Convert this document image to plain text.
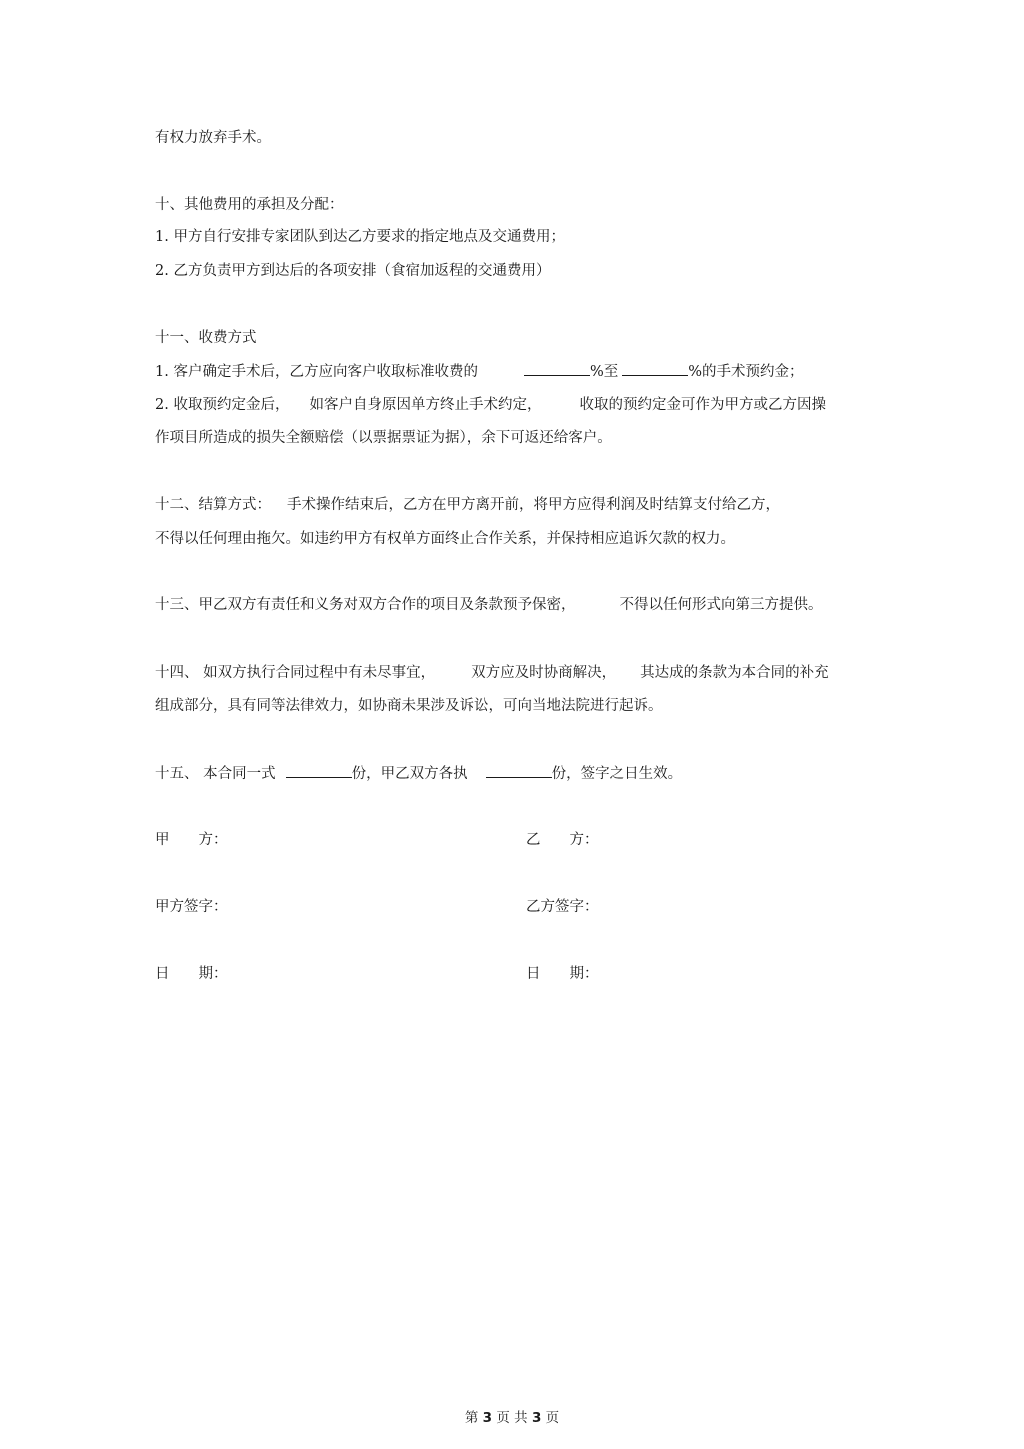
有权力放弃手术。
十、其他费用的承担及分配：
1. 甲方自行安排专家团队到达乙方要求的指定地点及交通费用；
2. 乙方负责甲方到达后的各项安排（食宿加返程的交通费用）
十一、收费方式
1. 客户确定手术后，乙方应向客户收取标准收费的	%至	%的手术预约金；
2. 收取预约定金后， 如客户自身原因单方终止手术约定，	收取的预约定金可作为甲方或乙方因操
作项目所造成的损失全额赔偿（以票据票证为据），余下可返还给客户。
十二、结算方式： 手术操作结束后，乙方在甲方离开前，将甲方应得利润及时结算支付给乙方，
不得以任何理由拖欠。如违约甲方有权单方面终止合作关系，并保持相应追诉欠款的权力。
十三、甲乙双方有责任和义务对双方合作的项目及条款预予保密，	不得以任何形式向第三方提供。
十四、 如双方执行合同过程中有未尽事宜， 双方应及时协商解决， 其达成的条款为本合同的补充
组成部分，具有同等法律效力，如协商未果涉及诉讼，可向当地法院进行起诉。
十五、 本合同一式	份，甲乙双方各执	份，签字之日生效。
甲　　方：	乙　　方：
甲方签字：	乙方签字：
日　　期：	日　　期：
第 3 页 共 3 页
